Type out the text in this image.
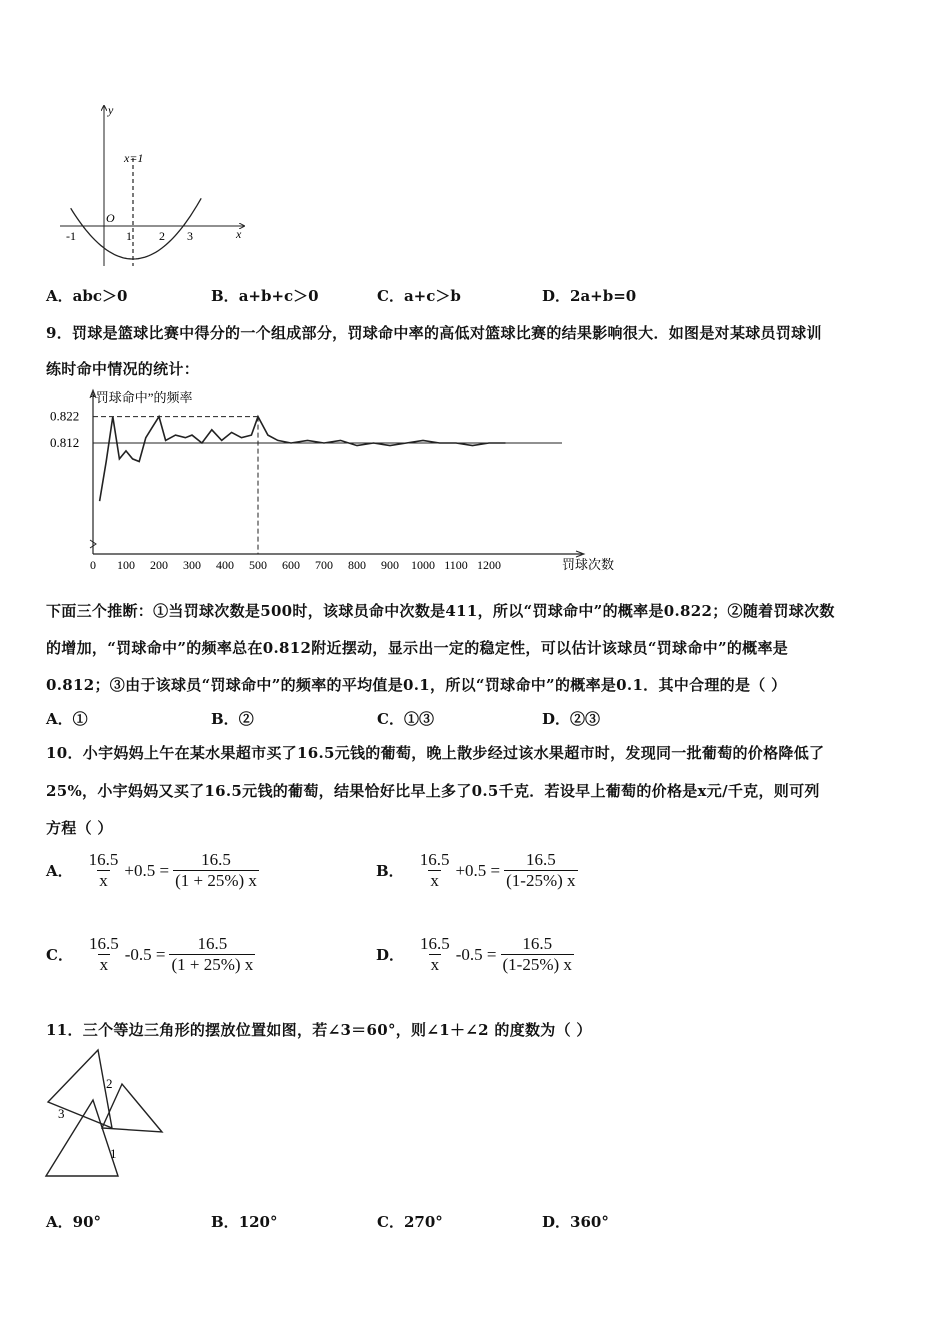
y
x
O
x=1
-1	1 2 3
A．abc＞0	B．a+b+c＞0	C．a+c＞b	D．2a+b=0
9．罚球是篮球比赛中得分的一个组成部分，罚球命中率的高低对篮球比赛的结果影响很大．如图是对某球员罚球训
练时命中情况的统计：
“罚球命中”的频率
0.822
0.812
0 100 200 300 400 500 600 700 800 900 1000 1100 1200	罚球次数
下面三个推断：①当罚球次数是500时，该球员命中次数是411，所以“罚球命中”的概率是0.822；②随着罚球次数
的增加，“罚球命中”的频率总在0.812附近摆动，显示出一定的稳定性，可以估计该球员“罚球命中”的概率是
0.812；③由于该球员“罚球命中”的频率的平均值是0.1，所以“罚球命中”的概率是0.1．其中合理的是（ ）
A．①	B．②	C．①③	D．②③
10．小宇妈妈上午在某水果超市买了16.5元钱的葡萄，晚上散步经过该水果超市时，发现同一批葡萄的价格降低了
25%，小宇妈妈又买了16.5元钱的葡萄，结果恰好比早上多了0.5千克．若设早上葡萄的价格是x元/千克，则可列
方程（ ）
A． $\frac{16.5}{x} +0.5 = \frac{16.5}{(1 + 25\%) x}$	B． $\frac{16.5}{x} +0.5 = \frac{16.5}{(1-25\%) x}$
C． $\frac{16.5}{x} -0.5 = \frac{16.5}{(1 + 25\%) x}$	D． $\frac{16.5}{x} -0.5 = \frac{16.5}{(1-25\%) x}$
11．三个等边三角形的摆放位置如图，若∠3＝60°，则∠1＋∠2 的度数为（ ）
2
3
1
A．90°	B．120°	C．270°	D．360°
